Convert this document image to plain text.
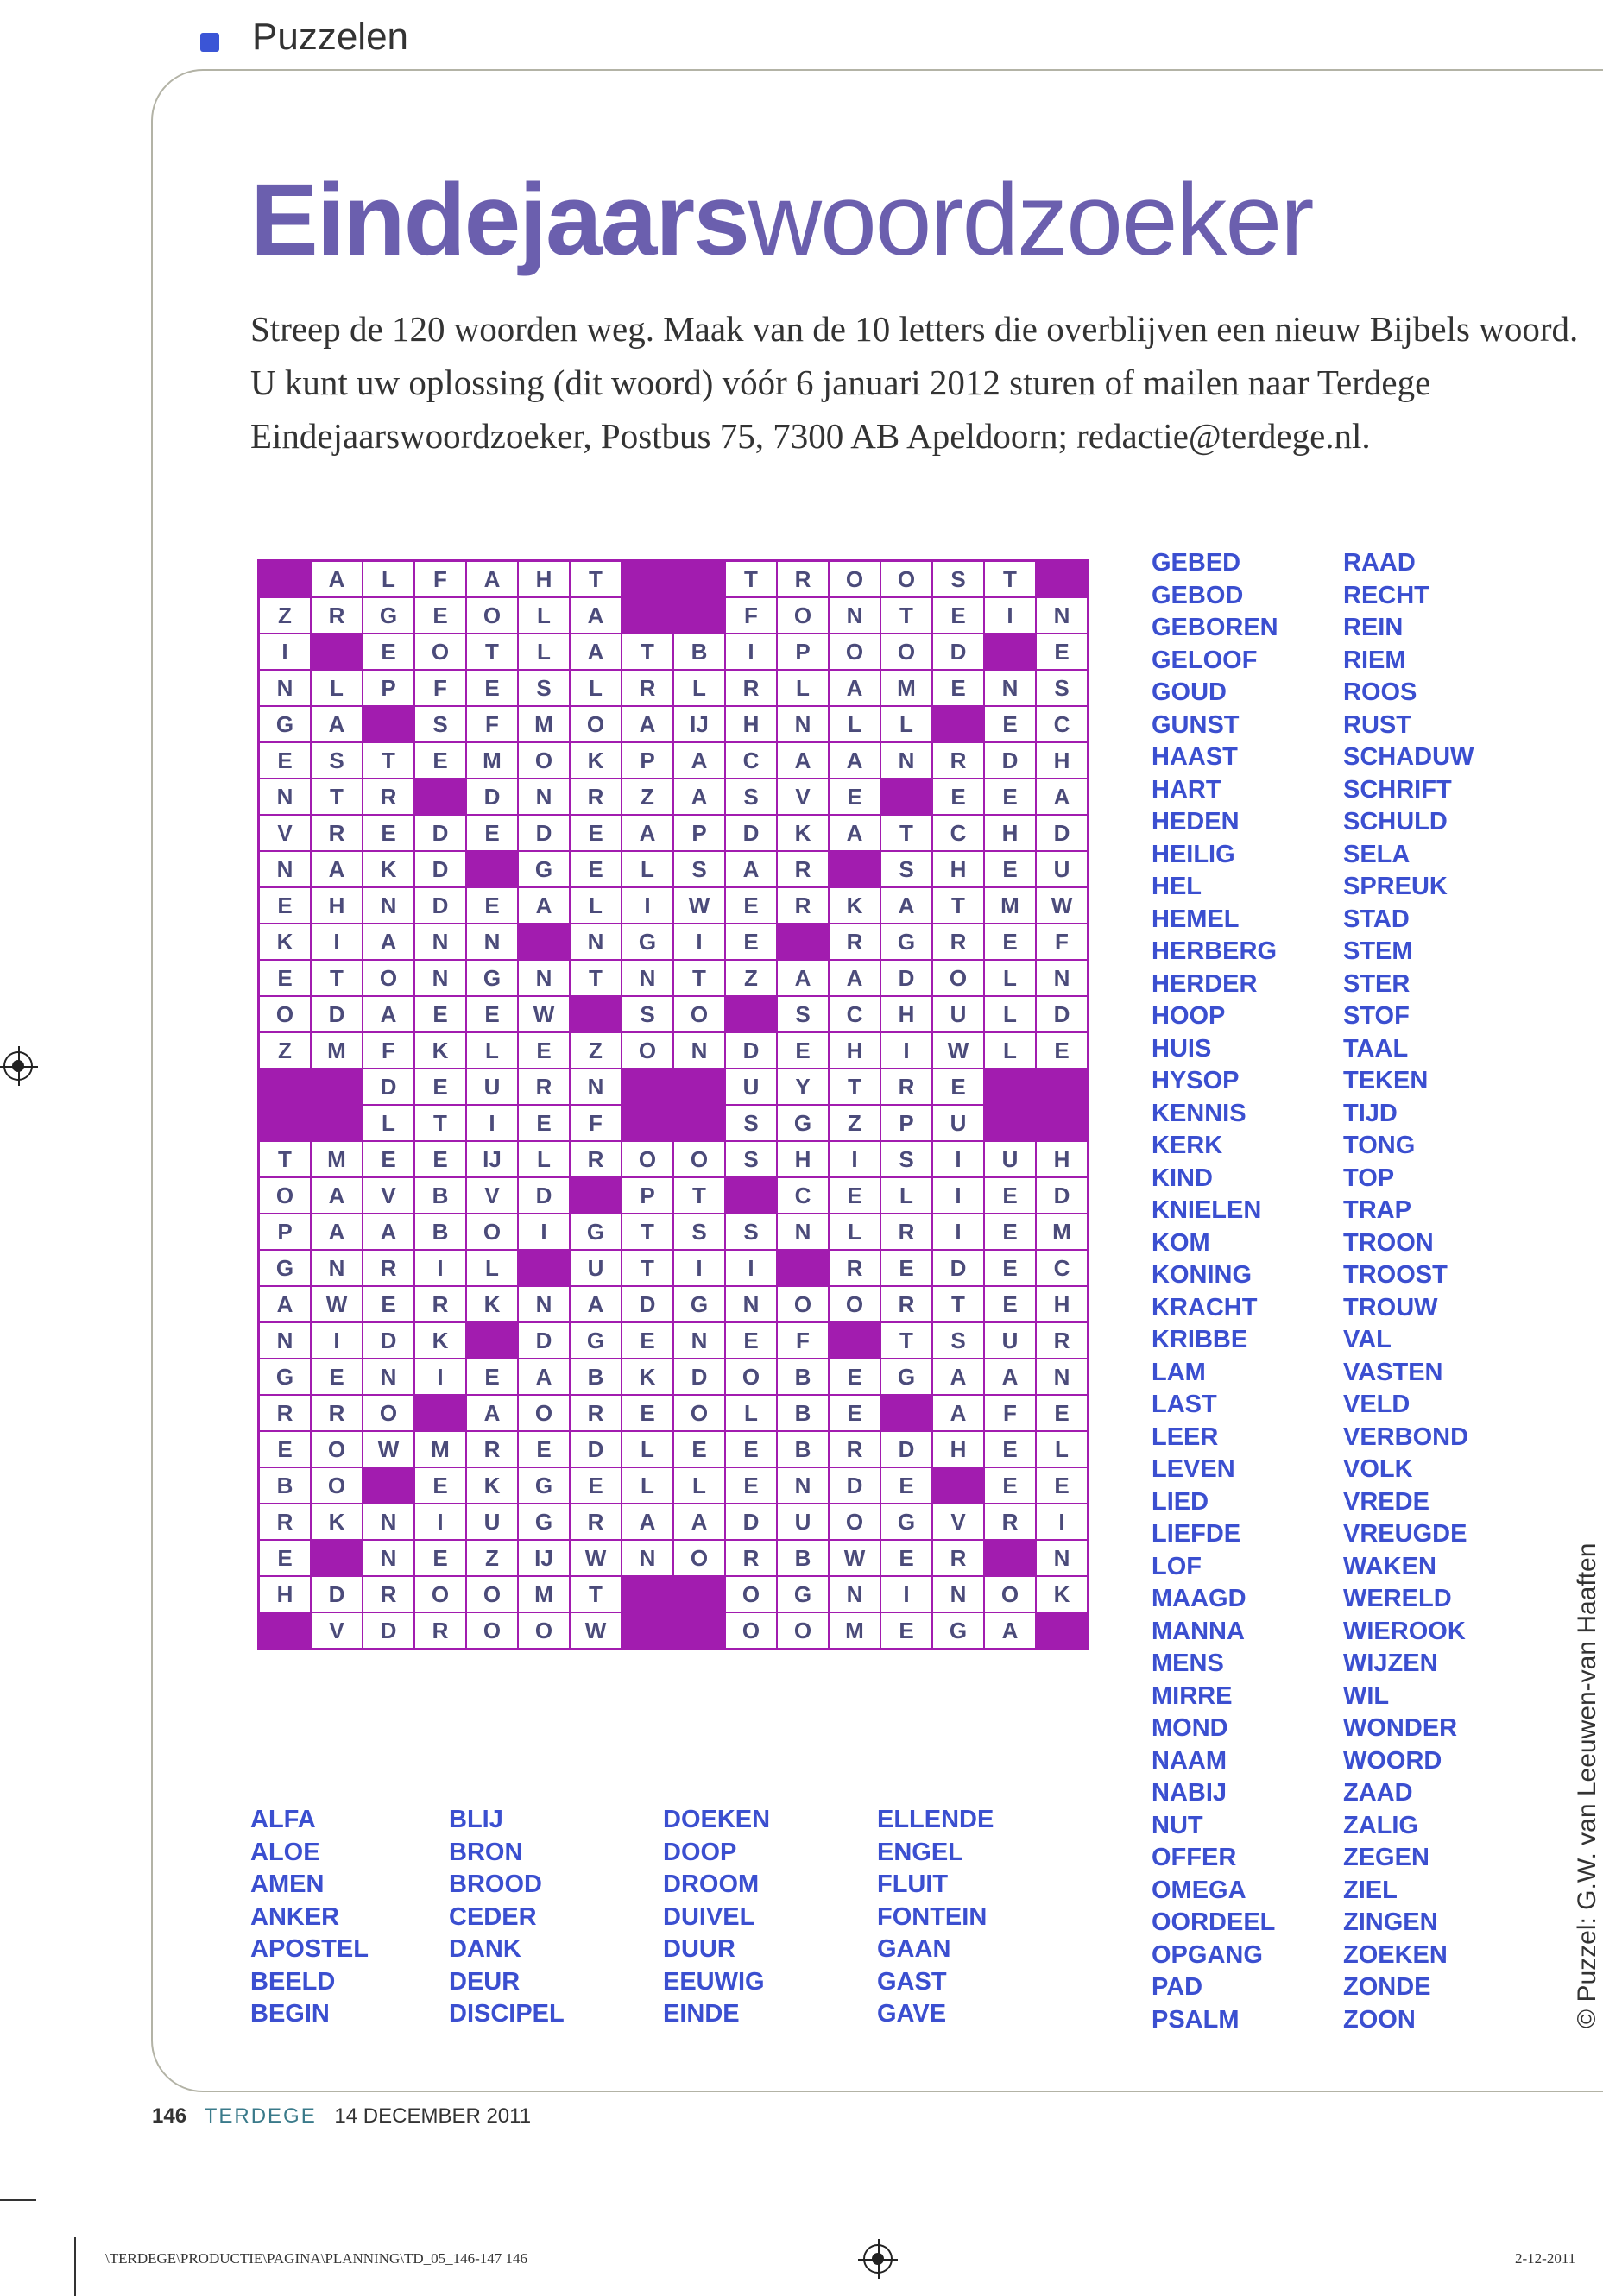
Puzzelen
Eindejaarswoordzoeker
Streep de 120 woorden weg. Maak van de 10 letters die overblijven een nieuw Bijbels woord. U kunt uw oplossing (dit woord) vóór 6 januari 2012 sturen of mailen naar Terdege Eindejaarswoordzoeker, Postbus 75, 7300 AB Apeldoorn; redactie@terdege.nl.
	A	L	F	A	H	T			T	R	O	O	S	T	
Z	R	G	E	O	L	A			F	O	N	T	E	I	N
I		E	O	T	L	A	T	B	I	P	O	O	D		E
N	L	P	F	E	S	L	R	L	R	L	A	M	E	N	S
G	A		S	F	M	O	A	IJ	H	N	L	L		E	C
E	S	T	E	M	O	K	P	A	C	A	A	N	R	D	H
N	T	R		D	N	R	Z	A	S	V	E		E	E	A
V	R	E	D	E	D	E	A	P	D	K	A	T	C	H	D
N	A	K	D		G	E	L	S	A	R		S	H	E	U
E	H	N	D	E	A	L	I	W	E	R	K	A	T	M	W
K	I	A	N	N		N	G	I	E		R	G	R	E	F
E	T	O	N	G	N	T	N	T	Z	A	A	D	O	L	N
O	D	A	E	E	W		S	O		S	C	H	U	L	D
Z	M	F	K	L	E	Z	O	N	D	E	H	I	W	L	E
		D	E	U	R	N			U	Y	T	R	E		
		L	T	I	E	F			S	G	Z	P	U		
T	M	E	E	IJ	L	R	O	O	S	H	I	S	I	U	H
O	A	V	B	V	D		P	T		C	E	L	I	E	D
P	A	A	B	O	I	G	T	S	S	N	L	R	I	E	M
G	N	R	I	L		U	T	I	I		R	E	D	E	C
A	W	E	R	K	N	A	D	G	N	O	O	R	T	E	H
N	I	D	K		D	G	E	N	E	F		T	S	U	R
G	E	N	I	E	A	B	K	D	O	B	E	G	A	A	N
R	R	O		A	O	R	E	O	L	B	E		A	F	E
E	O	W	M	R	E	D	L	E	E	B	R	D	H	E	L
B	O		E	K	G	E	L	L	E	N	D	E		E	E
R	K	N	I	U	G	R	A	A	D	U	O	G	V	R	I
E		N	E	Z	IJ	W	N	O	R	B	W	E	R		N
H	D	R	O	O	M	T			O	G	N	I	N	O	K
	V	D	R	O	O	W			O	O	M	E	G	A	
ALFA
ALOE
AMEN
ANKER
APOSTEL
BEELD
BEGIN
BLIJ
BRON
BROOD
CEDER
DANK
DEUR
DISCIPEL
DOEKEN
DOOP
DROOM
DUIVEL
DUUR
EEUWIG
EINDE
ELLENDE
ENGEL
FLUIT
FONTEIN
GAAN
GAST
GAVE
GEBED
GEBOD
GEBOREN
GELOOF
GOUD
GUNST
HAAST
HART
HEDEN
HEILIG
HEL
HEMEL
HERBERG
HERDER
HOOP
HUIS
HYSOP
KENNIS
KERK
KIND
KNIELEN
KOM
KONING
KRACHT
KRIBBE
LAM
LAST
LEER
LEVEN
LIED
LIEFDE
LOF
MAAGD
MANNA
MENS
MIRRE
MOND
NAAM
NABIJ
NUT
OFFER
OMEGA
OORDEEL
OPGANG
PAD
PSALM
RAAD
RECHT
REIN
RIEM
ROOS
RUST
SCHADUW
SCHRIFT
SCHULD
SELA
SPREUK
STAD
STEM
STER
STOF
TAAL
TEKEN
TIJD
TONG
TOP
TRAP
TROON
TROOST
TROUW
VAL
VASTEN
VELD
VERBOND
VOLK
VREDE
VREUGDE
WAKEN
WERELD
WIEROOK
WIJZEN
WIL
WONDER
WOORD
ZAAD
ZALIG
ZEGEN
ZIEL
ZINGEN
ZOEKEN
ZONDE
ZOON	© Puzzel: G.W. van Leeuwen-van Haaften
146 TERDEGE 14 DECEMBER 2011
\TERDEGE\PRODUCTIE\PAGINA\PLANNING\TD_05_146-147 146	2-12-2011
